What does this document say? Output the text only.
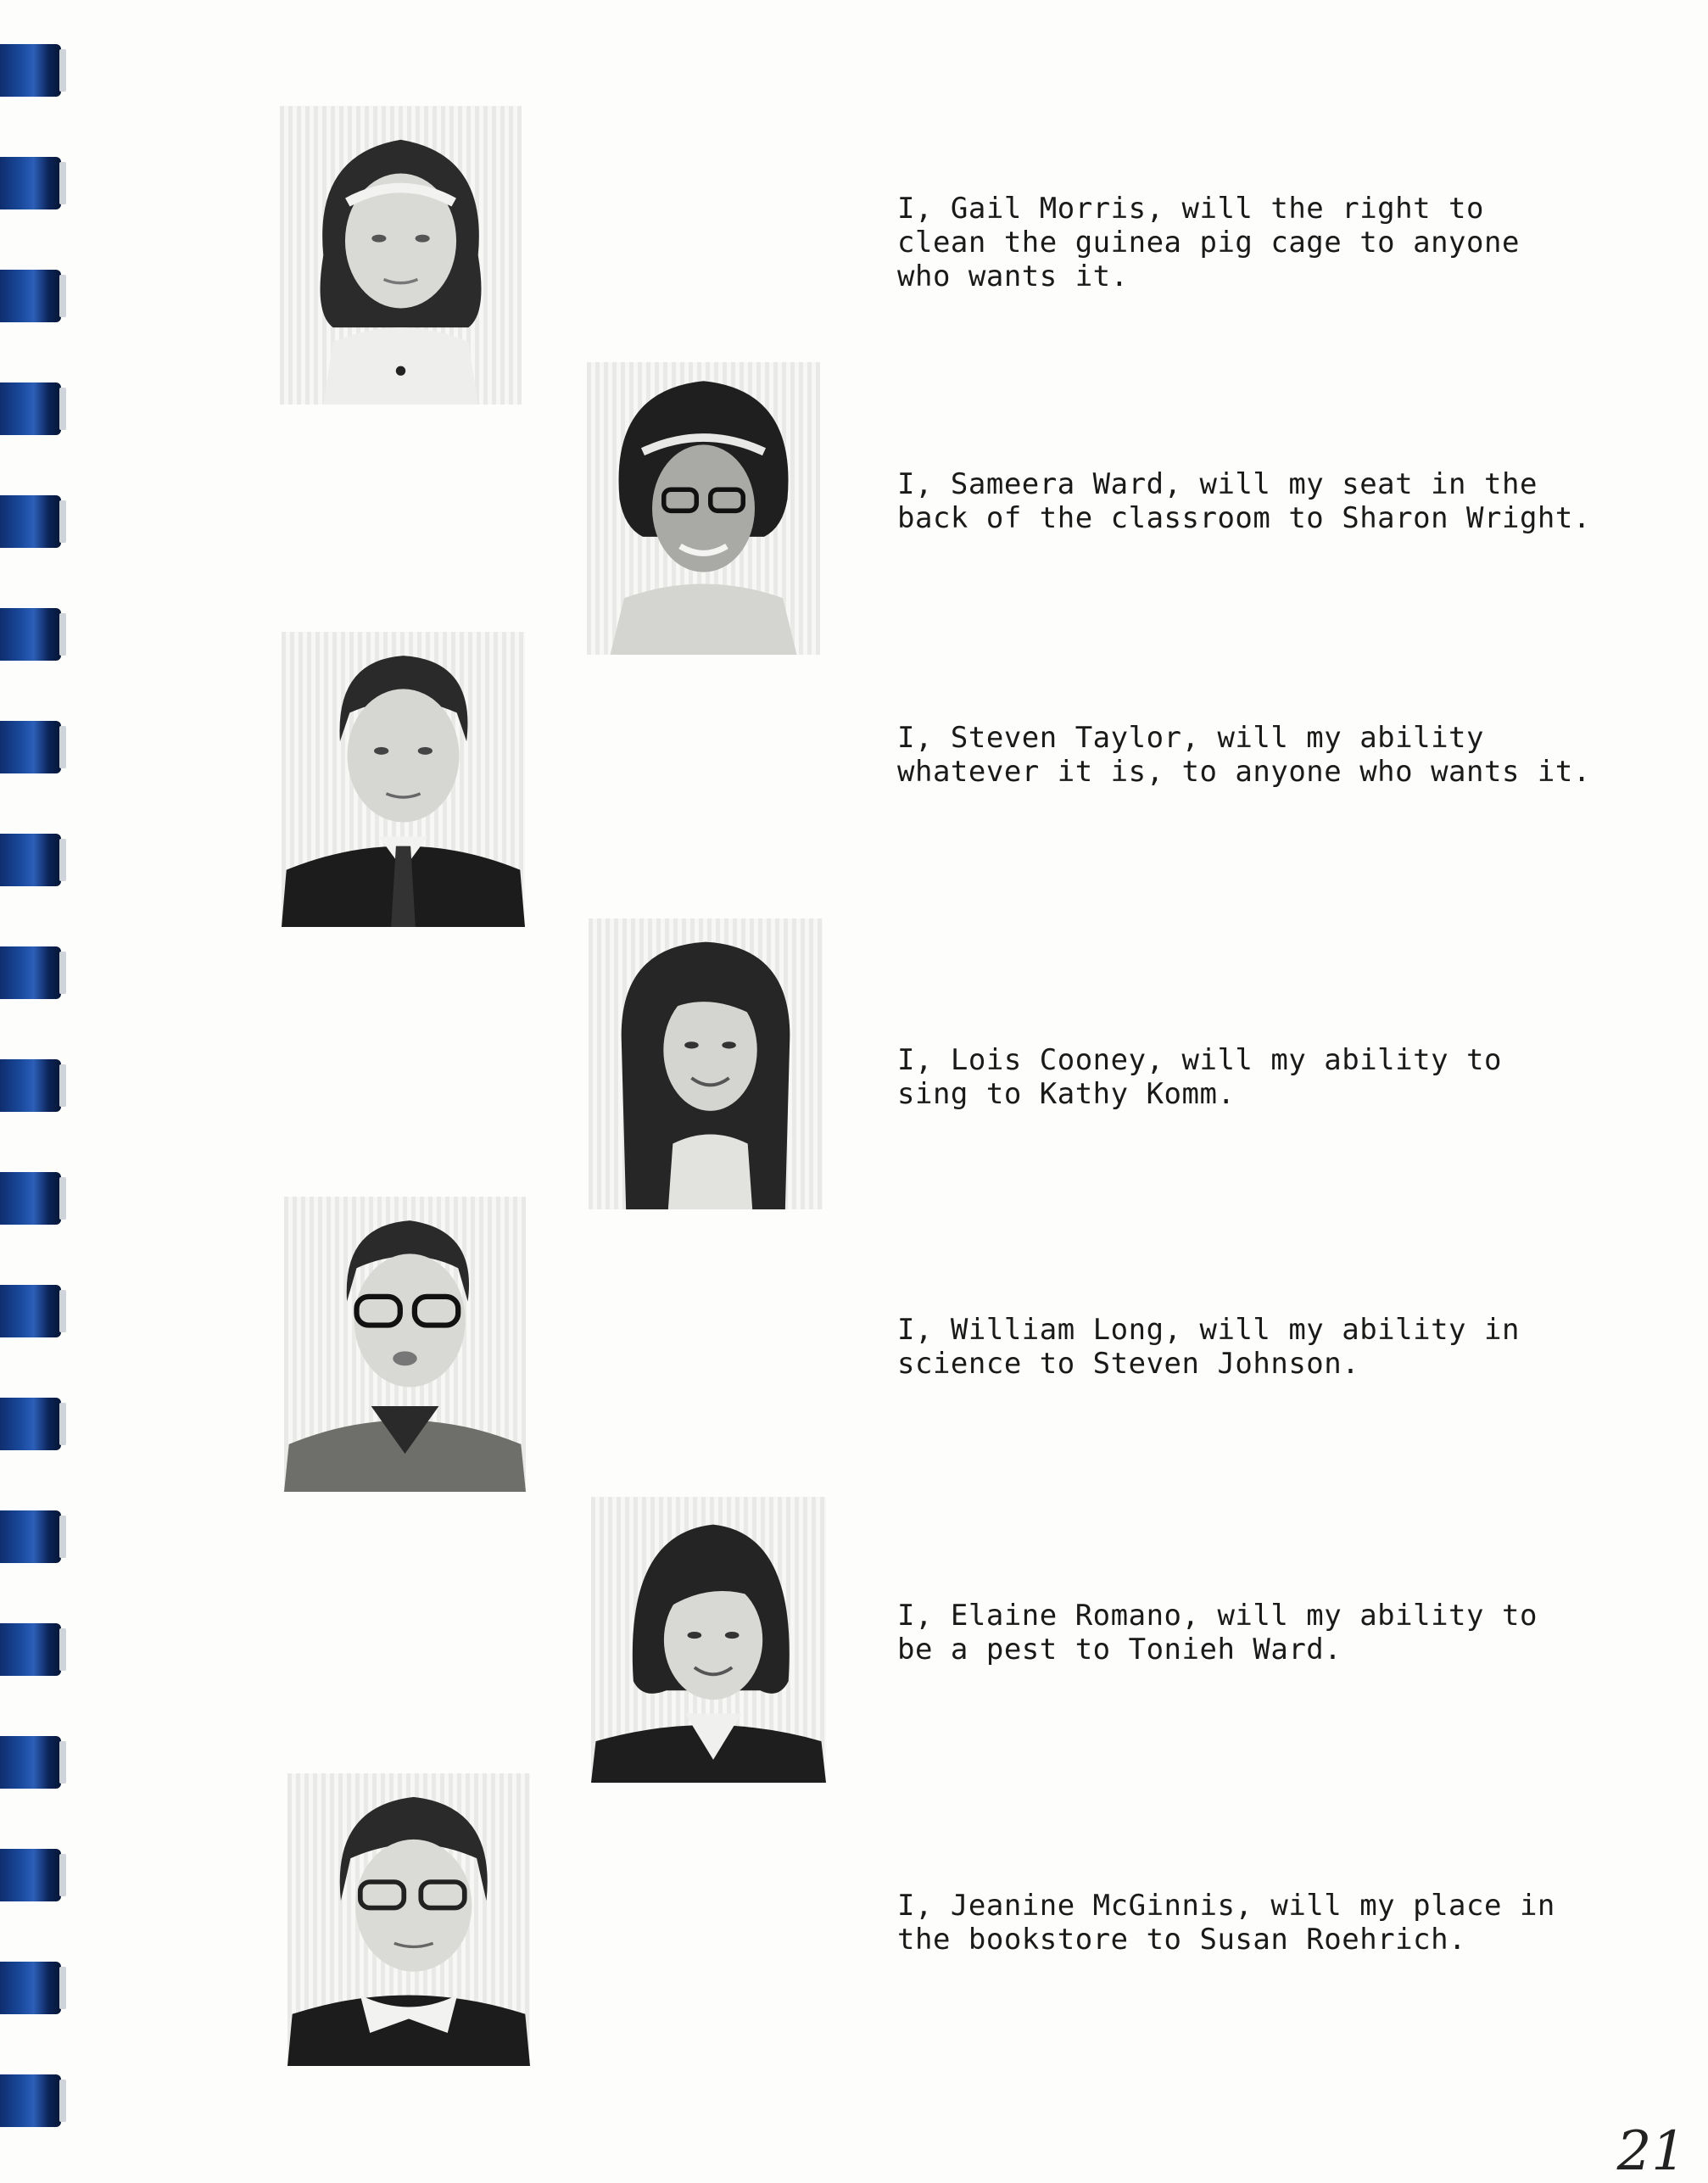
I, Gail Morris, will the right to
clean the guinea pig cage to anyone
who wants it.
I, Sameera Ward, will my seat in the
back of the classroom to Sharon Wright.
I, Steven Taylor, will my ability
whatever it is, to anyone who wants it.
I, Lois Cooney, will my ability to
sing to Kathy Komm.
I, William Long, will my ability in
science to Steven Johnson.
I, Elaine Romano, will my ability to
be a pest to Tonieh Ward.
I, Jeanine McGinnis, will my place in
the bookstore to Susan Roehrich.
21
